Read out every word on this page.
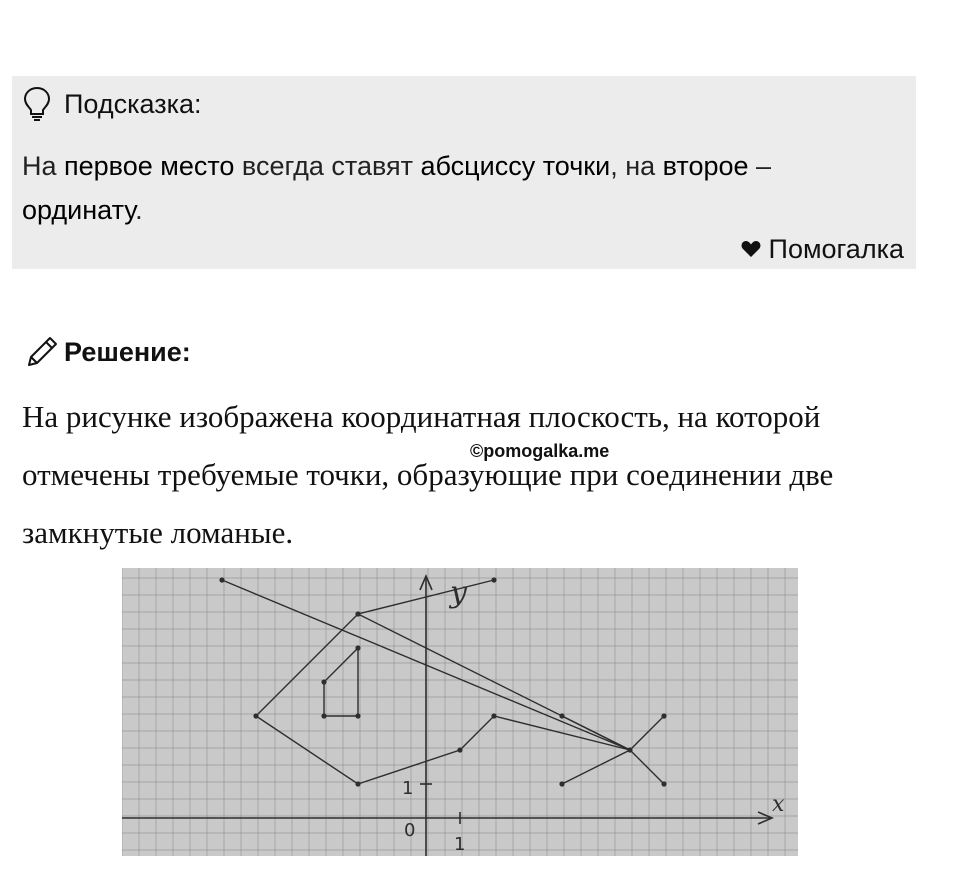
Подсказка:
На первое место всегда ставят абсциссу точки, на второе –
ординату.
Помогалка
Решение:
На рисунке изображена координатная плоскость, на которой отмечены требуемые точки, образующие при соединении две замкнутые ломаные.
©pomogalka.me
y
x
0
1
1
